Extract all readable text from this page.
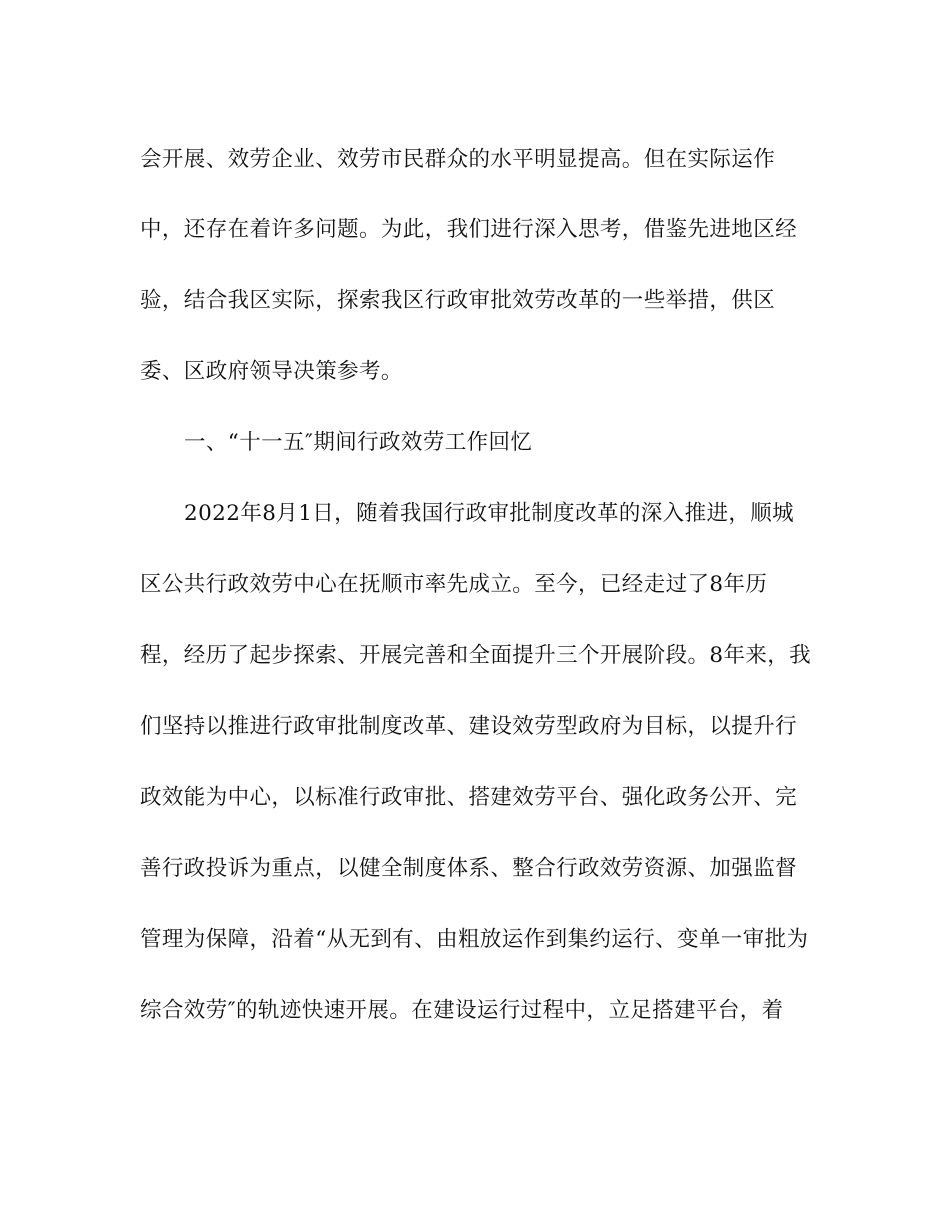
会开展、效劳企业、效劳市民群众的水平明显提高。但在实际运作
中，还存在着许多问题。为此，我们进行深入思考，借鉴先进地区经
验，结合我区实际，探索我区行政审批效劳改革的一些举措，供区
委、区政府领导决策参考。
一、“十一五″期间行政效劳工作回忆
2022年8月1日，随着我国行政审批制度改革的深入推进，顺城
区公共行政效劳中心在抚顺市率先成立。至今，已经走过了8年历
程，经历了起步探索、开展完善和全面提升三个开展阶段。8年来，我
们坚持以推进行政审批制度改革、建设效劳型政府为目标，以提升行
政效能为中心，以标准行政审批、搭建效劳平台、强化政务公开、完
善行政投诉为重点，以健全制度体系、整合行政效劳资源、加强监督
管理为保障，沿着“从无到有、由粗放运作到集约运行、变单一审批为
综合效劳″的轨迹快速开展。在建设运行过程中，立足搭建平台，着
